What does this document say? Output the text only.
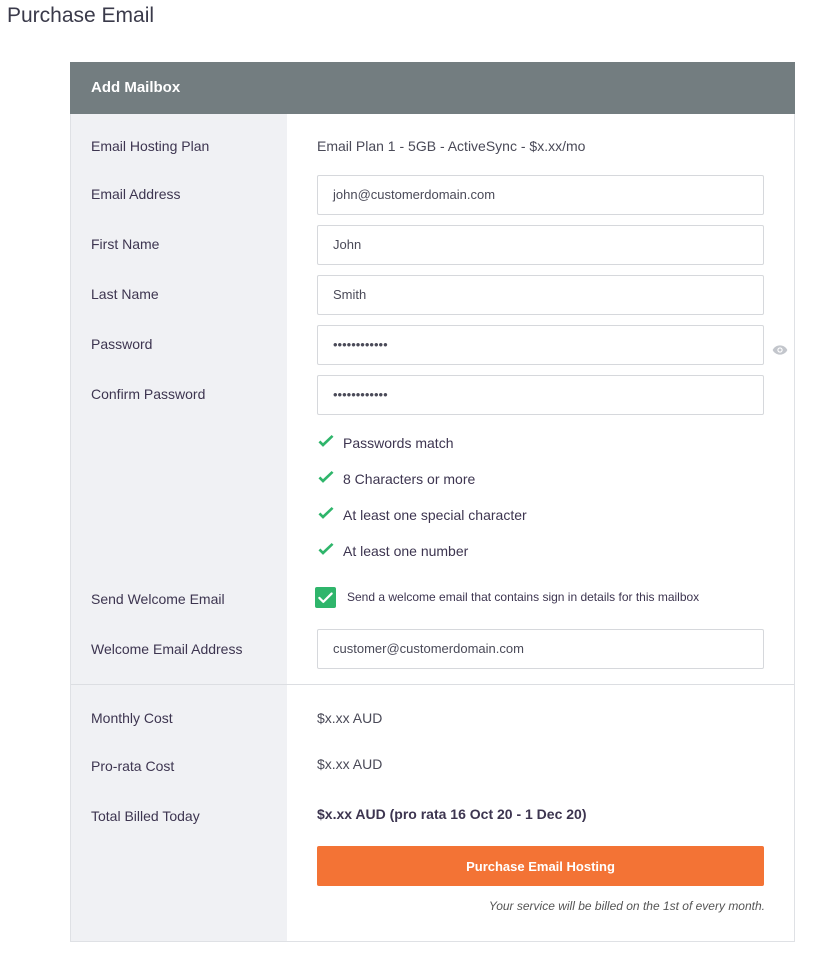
Purchase Email
Add Mailbox
Email Hosting Plan	Email Plan 1 - 5GB - ActiveSync - $x.xx/mo
Email Address	john@customerdomain.com
First Name	John
Last Name	Smith
Password	••••••••••••
Confirm Password	••••••••••••
Passwords match
8 Characters or more
At least one special character
At least one number
Send Welcome Email	Send a welcome email that contains sign in details for this mailbox
Welcome Email Address	customer@customerdomain.com
Monthly Cost	$x.xx AUD
Pro-rata Cost	$x.xx AUD
Total Billed Today	$x.xx AUD (pro rata 16 Oct 20 - 1 Dec 20)
Purchase Email Hosting
Your service will be billed on the 1st of every month.
